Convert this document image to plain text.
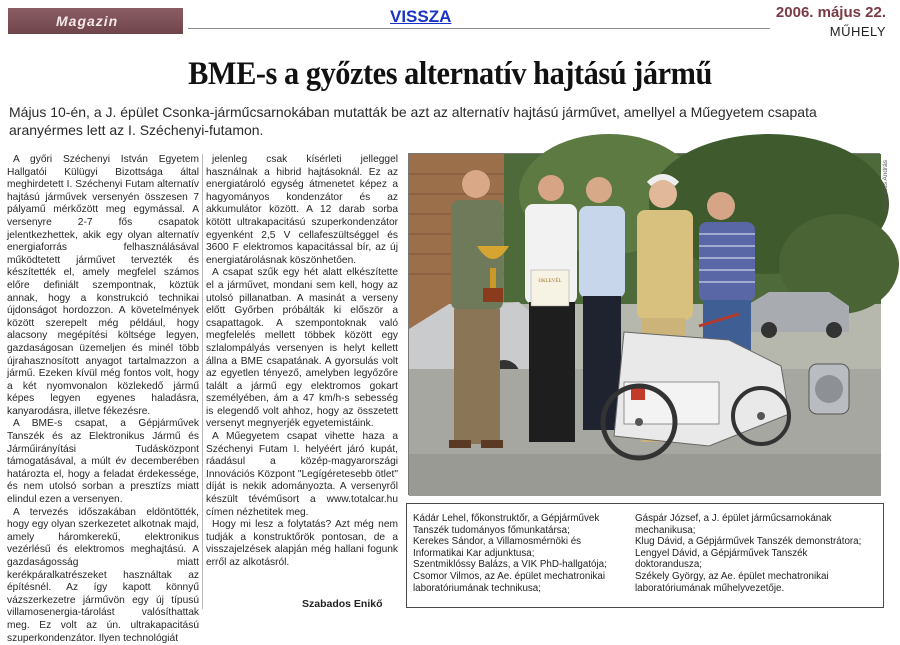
Magazin	VISSZA	2006. május 22.
MŰHELY
BME-s a győztes alternatív hajtású jármű

Május 10-én, a J. épület Csonka-járműcsarnokában mutatták be azt az alternatív hajtású járművet, amellyel a Műegyetem csapata aranyérmes lett az I. Széchenyi-futamon.

A győri Széchenyi István Egyetem Hallgatói Külügyi Bizottsága által meghirdetett I. Széchenyi Futam alternatív hajtású járművek versenyén összesen 7 pályamű mérkőzött meg egymással. A versenyre 2-7 fős csapatok jelentkezhettek, akik egy olyan alternatív energiaforrás felhasználásával működtetett járművet tervezték és készítették el, amely megfelel számos előre definiált szempontnak, köztük annak, hogy a konstrukció technikai újdonságot hordozzon. A követelmények között szerepelt még például, hogy alacsony megépítési költsége legyen, gazdaságosan üzemeljen és minél több újrahasznosított anyagot tartalmazzon a jármű. Ezeken kívül még fontos volt, hogy a két nyomvonalon közlekedő jármű képes legyen egyenes haladásra, kanyarodásra, illetve fékezésre.

A BME-s csapat, a Gépjárművek Tanszék és az Elektronikus Jármű és Járműirányítási Tudásközpont támogatásával, a múlt év decemberében határozta el, hogy a feladat érdekessége, és nem utolsó sorban a presztízs miatt elindul ezen a versenyen.

A tervezés időszakában eldöntötték, hogy egy olyan szerkezetet alkotnak majd, amely háromkerekű, elektronikus vezérlésű és elektromos meghajtású. A gazdaságosság miatt kerékpáralkatrészeket használtak az építésnél. Az így kapott könnyű vázszerkezetre járművön egy új típusú villamosenergia-tárolást valósíthattak meg. Ez volt az ún. ultrakapacitású szuperkondenzátor. Ilyen technológiát

jelenleg csak kísérleti jelleggel használnak a hibrid hajtásoknál. Ez az energiatároló egység átmenetet képez a hagyományos kondenzátor és az akkumulátor között. A 12 darab sorba kötött ultrakapacitású szuperkondenzátor egyenként 2,5 V cellafeszültséggel és 3600 F elektromos kapacitással bír, az új energiatárolásnak köszönhetően.

A csapat szűk egy hét alatt elkészítette el a járművet, mondani sem kell, hogy az utolsó pillanatban. A masinát a verseny előtt Győrben próbálták ki először a csapattagok. A szempontoknak való megfelelés mellett többek között egy szlalompályás versenyen is helyt kellett állna a BME csapatának. A gyorsulás volt az egyetlen tényező, amelyben legyőzőre talált a jármű egy elektromos gokart személyében, ám a 47 km/h-s sebesség is elegendő volt ahhoz, hogy az összetett versenyt megnyerjék egyetemistáink.

A Műegyetem csapat vihette haza a Széchenyi Futam I. helyéért járó kupát, ráadásul a közép-magyarországi Innovációs Központ "Legígéretesebb ötlet" díját is nekik adományozta. A versenyről készült tévéműsort a www.totalcar.hu címen nézhetitek meg.

Hogy mi lesz a folytatás? Azt még nem tudják a konstruktőrök pontosan, de a visszajelzések alapján még hallani fogunk erről az alkotásról.

Szabados Enikő
OKLEVÉL
Fotó: Kiss András
Kádár Lehel, főkonstruktőr, a Gépjárművek Tanszék tudományos főmunkatársa;
Kerekes Sándor, a Villamosmérnöki és Informatikai Kar adjunktusa;
Szentmiklóssy Balázs, a VIK PhD-hallgatója;
Csomor Vilmos, az Ae. épület mechatronikai laboratóriumának technikusa;
Gáspár József, a J. épület járműcsarnokának mechanikusa;
Klug Dávid, a Gépjárművek Tanszék demonstrátora;
Lengyel Dávid, a Gépjárművek Tanszék doktorandusza;
Székely György, az Ae. épület mechatronikai laboratóriumának műhelyvezetője.
